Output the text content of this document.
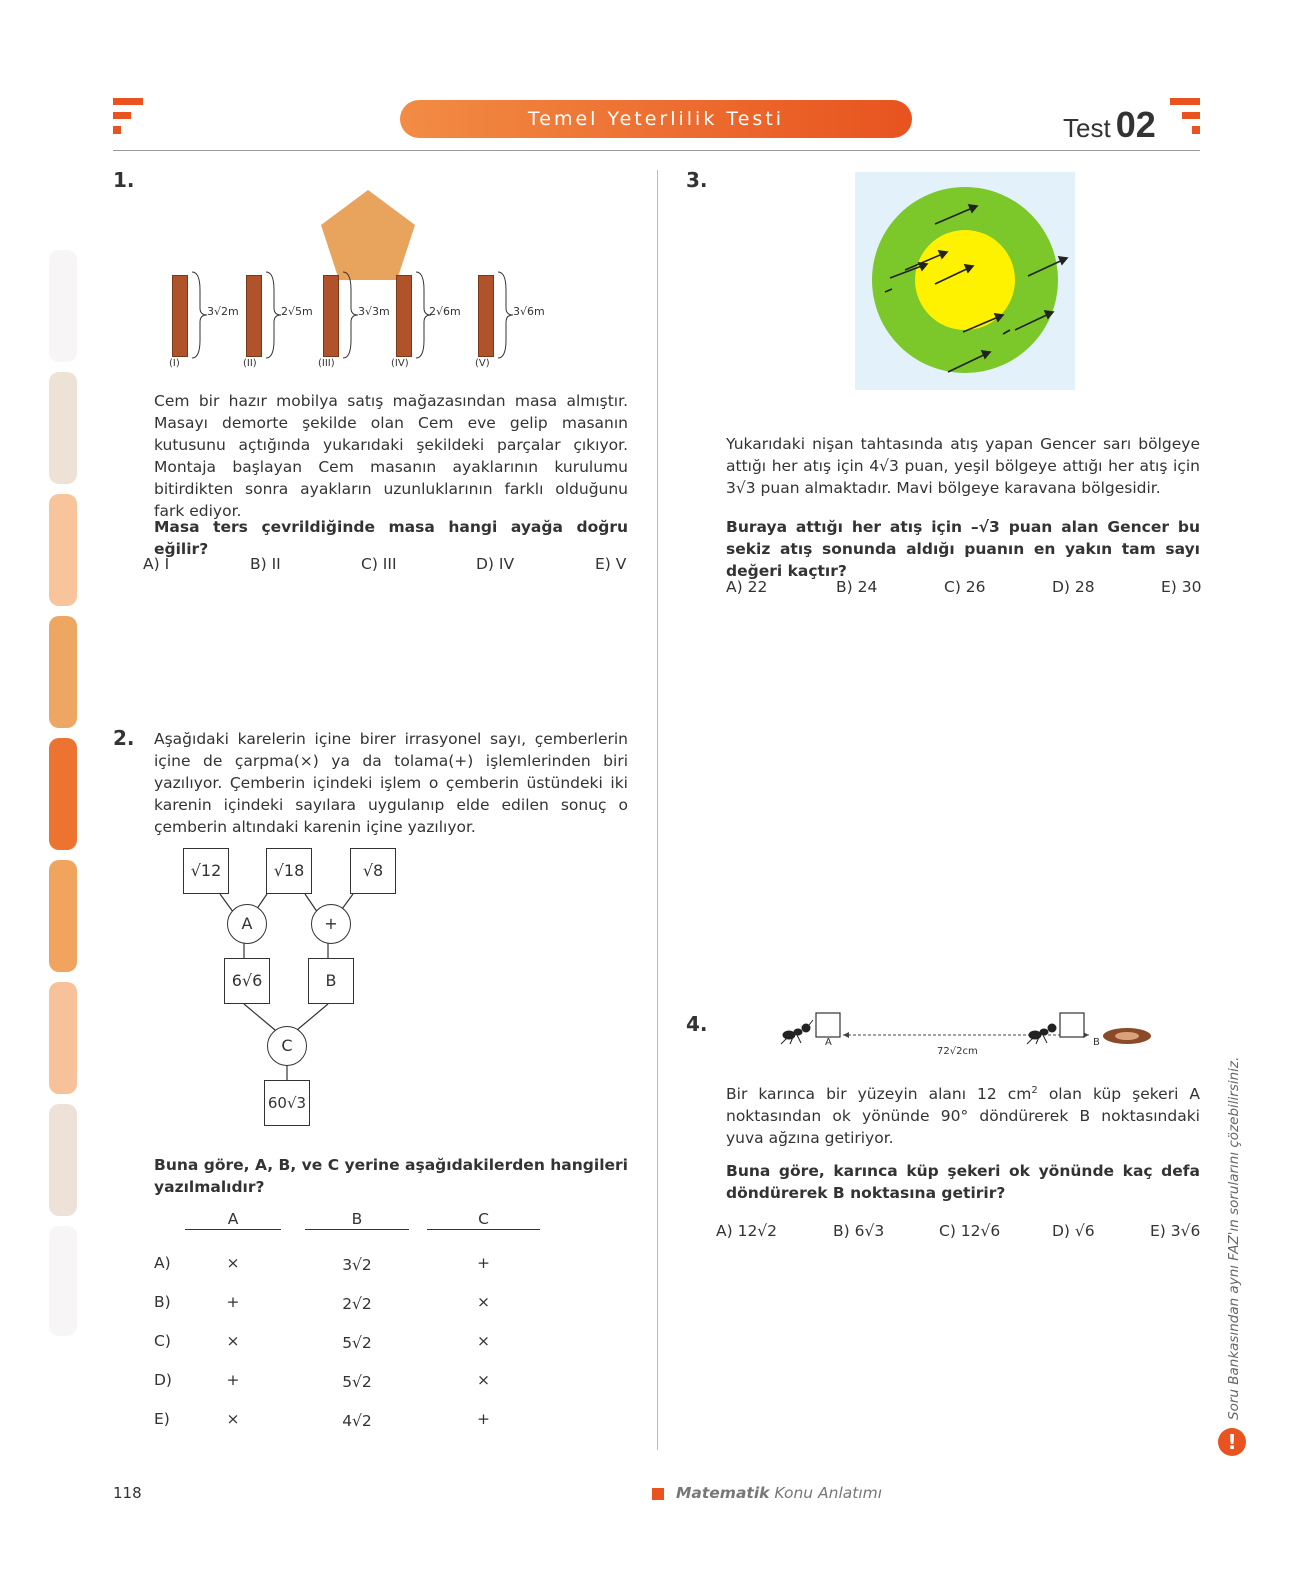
Temel Yeterlilik Testi	Test 02
1.
3√2m
(I)
2√5m
(II)
3√3m
(III)
2√6m
(IV)
3√6m
(V)
Cem bir hazır mobilya satış mağazasından masa almıştır. Masayı demorte şekilde olan Cem eve gelip masanın kutusunu açtığında yukarıdaki şekildeki parçalar çıkıyor. Montaja başlayan Cem masanın ayaklarının kurulumu bitirdikten sonra ayakların uzunluklarının farklı olduğunu fark ediyor.
Masa ters çevrildiğinde masa hangi ayağa doğru eğilir?
A) I	B) II	C) III	D) IV	E) V
2. Aşağıdaki karelerin içine birer irrasyonel sayı, çemberlerin içine de çarpma(×) ya da tolama(+) işlemlerinden biri yazılıyor. Çemberin içindeki işlem o çemberin üstündeki iki karenin içindeki sayılara uygulanıp elde edilen sonuç o çemberin altındaki karenin içine yazılıyor.
√12	√18	√8
A	+
6√6	B
C
60√3
Buna göre, A, B, ve C yerine aşağıdakilerden hangileri yazılmalıdır?
A	B	C
A)	×	3√2	+
B)	+	2√2	×
C)	×	5√2	×
D)	+	5√2	×
E)	×	4√2	+
3.
Yukarıdaki nişan tahtasında atış yapan Gencer sarı bölgeye attığı her atış için 4√3 puan, yeşil bölgeye attığı her atış için 3√3 puan almaktadır. Mavi bölgeye karavana bölgesidir.
Buraya attığı her atış için –√3 puan alan Gencer bu sekiz atış sonunda aldığı puanın en yakın tam sayı değeri kaçtır?
A) 22	B) 24	C) 26	D) 28	E) 30
4.
A	B
72√2cm
Bir karınca bir yüzeyin alanı 12 $cm^2$ olan küp şekeri A noktasından ok yönünde 90° döndürerek B noktasındaki yuva ağzına getiriyor.
Buna göre, karınca küp şekeri ok yönünde kaç defa döndürerek B noktasına getirir?
A) 12√2	B) 6√3	C) 12√6	D) √6	E) 3√6 Soru Bankasından aynı FAZ'ın sorularını çözebilirsiniz.
!
118	Matematik Konu Anlatımı
